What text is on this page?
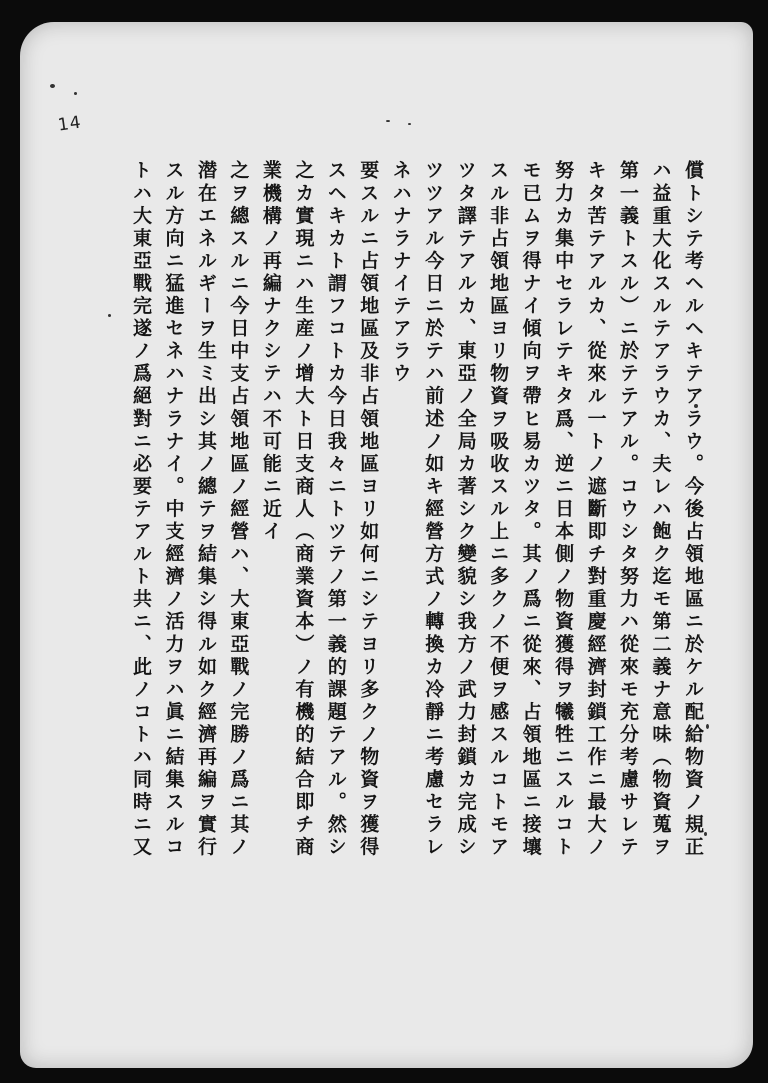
14
償トシテ考ヘルヘキテアラウ。今後占領地區ニ於ケル配給物資ノ規正
ハ益重大化スルテアラウカ、夫レハ飽ク迄モ第二義ナ意味（物資蒐ヲ
第一義トスル）ニ於テテアル。コウシタ努力ハ從來モ充分考慮サレテ
キタ苦テアルカ、從來ル一トノ遮斷即チ對重慶經濟封鎖工作ニ最大ノ
努力カ集中セラレテキタ爲、逆ニ日本側ノ物資獲得ヲ犧牲ニスルコト
モ已ムヲ得ナイ傾向ヲ帶ヒ易カツタ。其ノ爲ニ從來、占領地區ニ接壤
スル非占領地區ヨリ物資ヲ吸收スル上ニ多クノ不便ヲ感スルコトモア
ツタ譯テアルカ、東亞ノ全局カ著シク變貌シ我方ノ武力封鎖カ完成シ
ツツアル今日ニ於テハ前述ノ如キ經營方式ノ轉換カ冷靜ニ考慮セラレ
ネハナラナイテアラウ
要スルニ占領地區及非占領地區ヨリ如何ニシテヨリ多クノ物資ヲ獲得
スヘキカト謂フコトカ今日我々ニトツテノ第一義的課題テアル。然シ
之カ實現ニハ生産ノ增大ト日支商人（商業資本）ノ有機的結合即チ商
業機構ノ再編ナクシテハ不可能ニ近イ
之ヲ總スルニ今日中支占領地區ノ經營ハ、大東亞戰ノ完勝ノ爲ニ其ノ
潜在エネルギーヲ生ミ出シ其ノ總テヲ結集シ得ル如ク經濟再編ヲ實行
スル方向ニ猛進セネハナラナイ。中支經濟ノ活力ヲハ眞ニ結集スルコ
トハ大東亞戰完遂ノ爲絕對ニ必要テアルト共ニ、此ノコトハ同時ニ又
